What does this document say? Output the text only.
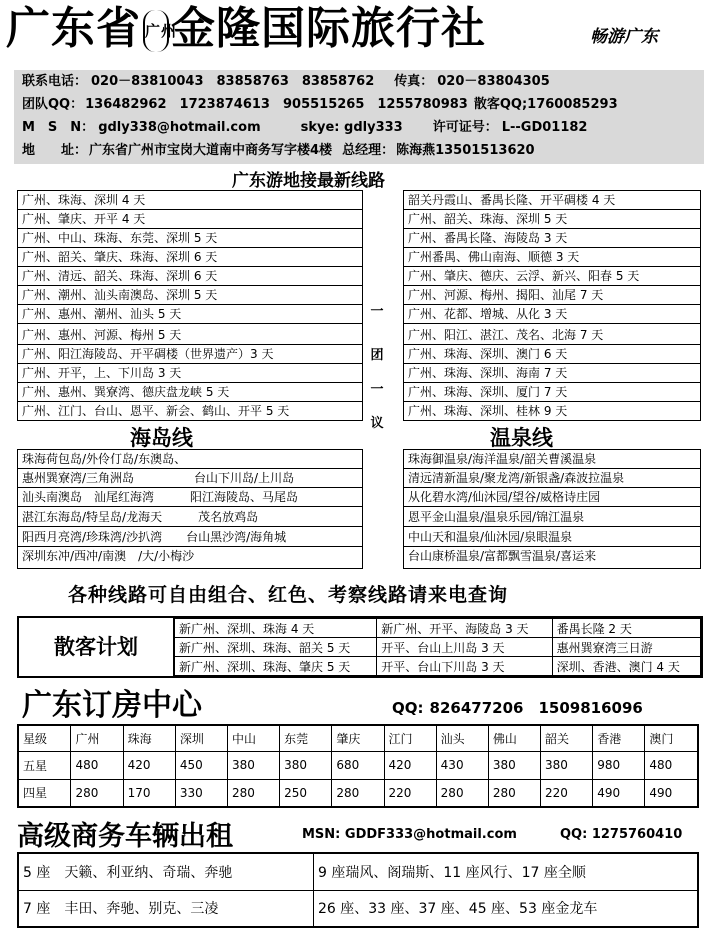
广东省 广州金隆国际旅行社	畅游广东
联系电话： 020－83810043　83858763　83858762 传真： 020－83804305
团队QQ： 136482962　1723874613　905515265　1255780983 散客QQ;1760085293
M　S　N： gdly338@hotmail.com	skye: gdly333 许可证号： L--GD01182
地　　址： 广东省广州市宝岗大道南中商务写字楼4楼 总经理： 陈海燕13501513620
广东游地接最新线路
广州、珠海、深圳 4 天
广州、肇庆、开平 4 天
广州、中山、珠海、东莞、深圳 5 天
广州、韶关、肇庆、珠海、深圳 6 天
广州、清远、韶关、珠海、深圳 6 天
广州、潮州、汕头南澳岛、深圳 5 天
广州、惠州、潮州、汕头 5 天
广州、惠州、河源、梅州 5 天
广州、阳江海陵岛、开平碉楼（世界遗产）3 天
广州、开平，上、下川岛 3 天
广州、惠州、巽寮湾、德庆盘龙峡 5 天
广州、江门、台山、恩平、新会、鹤山、开平 5 天
一
团
一
议
韶关丹霞山、番禺长隆、开平碉楼 4 天
广州、韶关、珠海、深圳 5 天
广州、番禺长隆、海陵岛 3 天
广州番禺、佛山南海、顺德 3 天
广州、肇庆、德庆、云浮、新兴、阳春 5 天
广州、河源、梅州、揭阳、汕尾 7 天
广州、花都、增城、从化 3 天
广州、阳江、湛江、茂名、北海 7 天
广州、珠海、深圳、澳门 6 天
广州、珠海、深圳、海南 7 天
广州、珠海、深圳、厦门 7 天
广州、珠海、深圳、桂林 9 天
海岛线
珠海荷包岛/外伶仃岛/东澳岛、
惠州巽寮湾/三角洲岛　　　　　台山下川岛/上川岛
汕头南澳岛　汕尾红海湾　　　阳江海陵岛、马尾岛
湛江东海岛/特呈岛/龙海天　　　茂名放鸡岛
阳西月亮湾/珍珠湾/沙扒湾　　台山黑沙湾/海角城
深圳东冲/西冲/南澳　/大/小梅沙
温泉线
珠海御温泉/海洋温泉/韶关曹溪温泉
清远清新温泉/聚龙湾/新银盏/森波拉温泉
从化碧水湾/仙沐园/望谷/威格诗庄园
恩平金山温泉/温泉乐园/锦江温泉
中山天和温泉/仙沐园/泉眼温泉
台山康桥温泉/富都飘雪温泉/喜运来
各种线路可自由组合、红色、考察线路请来电查询
散客计划
新广州、深圳、珠海 4 天	新广州、开平、海陵岛 3 天	番禺长隆 2 天
新广州、深圳、珠海、韶关 5 天	开平、台山上川岛 3 天	惠州巽寮湾三日游
新广州、深圳、珠海、肇庆 5 天	开平、台山下川岛 3 天	深圳、香港、澳门 4 天
广东订房中心	QQ: 826477206　1509816096
星级	广州	珠海	深圳	中山	东莞	肇庆	江门	汕头	佛山	韶关	香港	澳门
五星	480	420	450	380	380	680	420	430	380	380	980	480
四星	280	170	330	280	250	280	220	280	280	220	490	490
高级商务车辆出租	MSN: GDDF333@hotmail.com	QQ: 1275760410
5 座　天籁、利亚纳、奇瑞、奔驰	9 座瑞风、阁瑞斯、11 座风行、17 座全顺
7 座　丰田、奔驰、别克、三凌	26 座、33 座、37 座、45 座、53 座金龙车
